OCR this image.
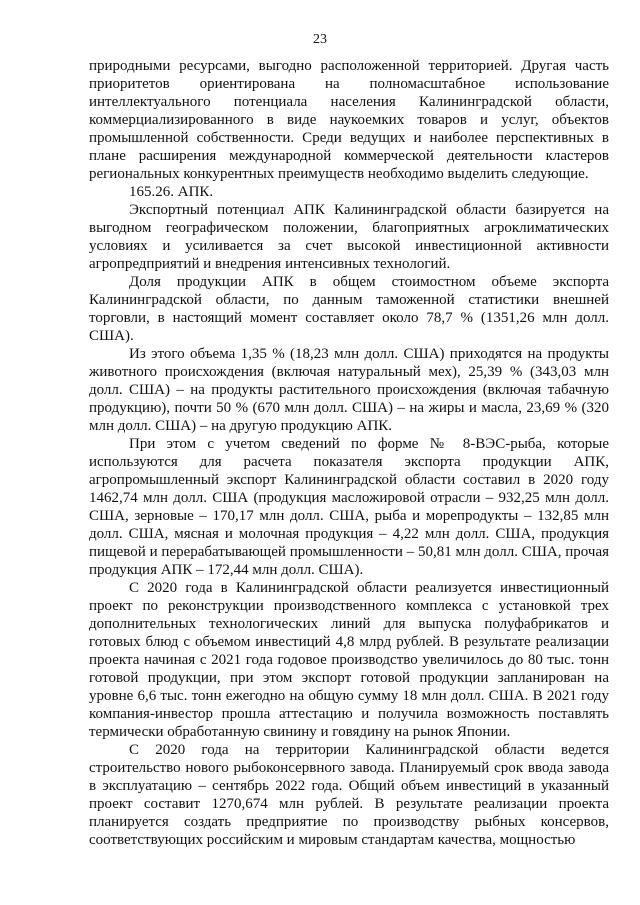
23

природными ресурсами, выгодно расположенной территорией. Другая часть приоритетов ориентирована на полномасштабное использование интеллектуального потенциала населения Калининградской области, коммерциализированного в виде наукоемких товаров и услуг, объектов промышленной собственности. Среди ведущих и наиболее перспективных в плане расширения международной коммерческой деятельности кластеров региональных конкурентных преимуществ необходимо выделить следующие.

165.26. АПК.

Экспортный потенциал АПК Калининградской области базируется на выгодном географическом положении, благоприятных агроклиматических условиях и усиливается за счет высокой инвестиционной активности агропредприятий и внедрения интенсивных технологий.

Доля продукции АПК в общем стоимостном объеме экспорта Калининградской области, по данным таможенной статистики внешней торговли, в настоящий момент составляет около 78,7 % (1351,26 млн долл. США).

Из этого объема 1,35 % (18,23 млн долл. США) приходятся на продукты животного происхождения (включая натуральный мех), 25,39 % (343,03 млн долл. США) – на продукты растительного происхождения (включая табачную продукцию), почти 50 % (670 млн долл. США) – на жиры и масла, 23,69 % (320 млн долл. США) – на другую продукцию АПК.

При этом с учетом сведений по форме № 8-ВЭС-рыба, которые используются для расчета показателя экспорта продукции АПК, агропромышленный экспорт Калининградской области составил в 2020 году 1462,74 млн долл. США (продукция масложировой отрасли – 932,25 млн долл. США, зерновые – 170,17 млн долл. США, рыба и морепродукты – 132,85 млн долл. США, мясная и молочная продукция – 4,22 млн долл. США, продукция пищевой и перерабатывающей промышленности – 50,81 млн долл. США, прочая продукция АПК – 172,44 млн долл. США).

С 2020 года в Калининградской области реализуется инвестиционный проект по реконструкции производственного комплекса с установкой трех дополнительных технологических линий для выпуска полуфабрикатов и готовых блюд с объемом инвестиций 4,8 млрд рублей. В результате реализации проекта начиная с 2021 года годовое производство увеличилось до 80 тыс. тонн готовой продукции, при этом экспорт готовой продукции запланирован на уровне 6,6 тыс. тонн ежегодно на общую сумму 18 млн долл. США. В 2021 году компания-инвестор прошла аттестацию и получила возможность поставлять термически обработанную свинину и говядину на рынок Японии.

С 2020 года на территории Калининградской области ведется строительство нового рыбоконсервного завода. Планируемый срок ввода завода в эксплуатацию – сентябрь 2022 года. Общий объем инвестиций в указанный проект составит 1270,674 млн рублей. В результате реализации проекта планируется создать предприятие по производству рыбных консервов, соответствующих российским и мировым стандартам качества, мощностью
